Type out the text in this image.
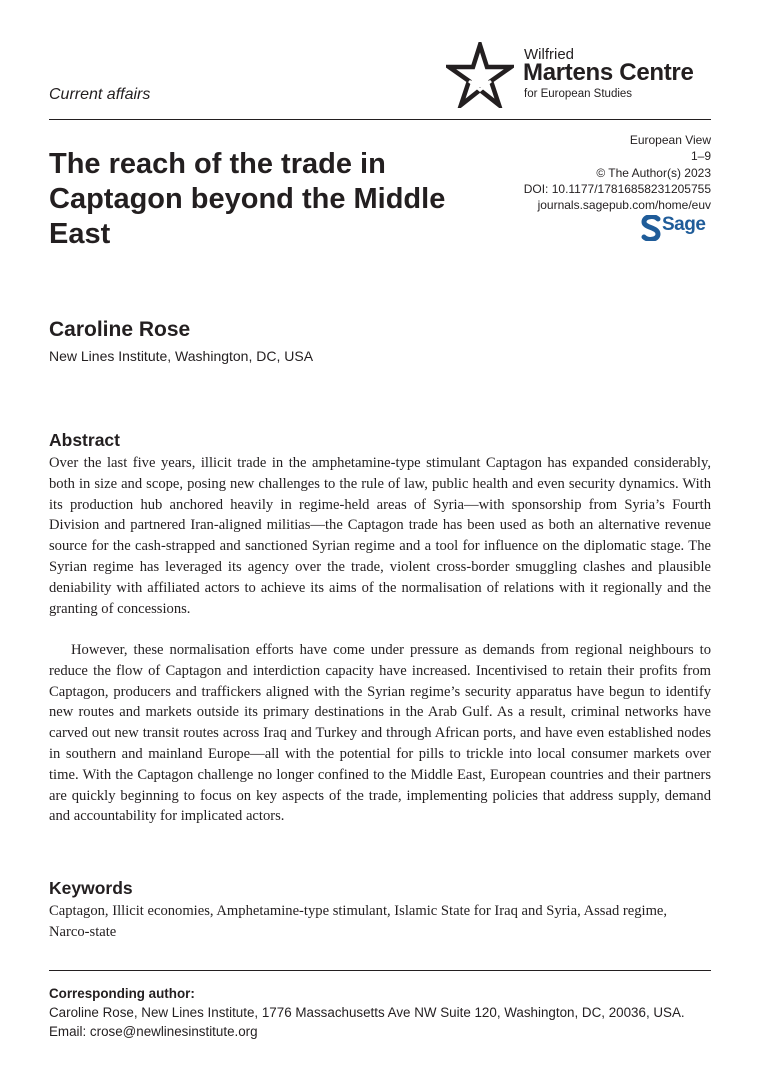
Current affairs
Wilfried
Martens Centre
for European Studies
European View
1–9
© The Author(s) 2023
DOI: 10.1177/17816858231205755
journals.sagepub.com/home/euv
Sage
The reach of the trade in Captagon beyond the Middle East
Caroline Rose
New Lines Institute, Washington, DC, USA
Abstract
Over the last five years, illicit trade in the amphetamine-type stimulant Captagon has expanded considerably, both in size and scope, posing new challenges to the rule of law, public health and even security dynamics. With its production hub anchored heavily in regime-held areas of Syria—with sponsorship from Syria’s Fourth Division and partnered Iran-aligned militias—the Captagon trade has been used as both an alternative revenue source for the cash-strapped and sanctioned Syrian regime and a tool for influence on the diplomatic stage. The Syrian regime has leveraged its agency over the trade, violent cross-border smuggling clashes and plausible deniability with affiliated actors to achieve its aims of the normalisation of relations with it regionally and the granting of concessions.
However, these normalisation efforts have come under pressure as demands from regional neighbours to reduce the flow of Captagon and interdiction capacity have increased. Incentivised to retain their profits from Captagon, producers and traffickers aligned with the Syrian regime’s security apparatus have begun to identify new routes and markets outside its primary destinations in the Arab Gulf. As a result, criminal networks have carved out new transit routes across Iraq and Turkey and through African ports, and have even established nodes in southern and mainland Europe—all with the potential for pills to trickle into local consumer markets over time. With the Captagon challenge no longer confined to the Middle East, European countries and their partners are quickly beginning to focus on key aspects of the trade, implementing policies that address supply, demand and accountability for implicated actors.
Keywords
Captagon, Illicit economies, Amphetamine-type stimulant, Islamic State for Iraq and Syria, Assad regime, Narco-state
Corresponding author:
Caroline Rose, New Lines Institute, 1776 Massachusetts Ave NW Suite 120, Washington, DC, 20036, USA.
Email: crose@newlinesinstitute.org
